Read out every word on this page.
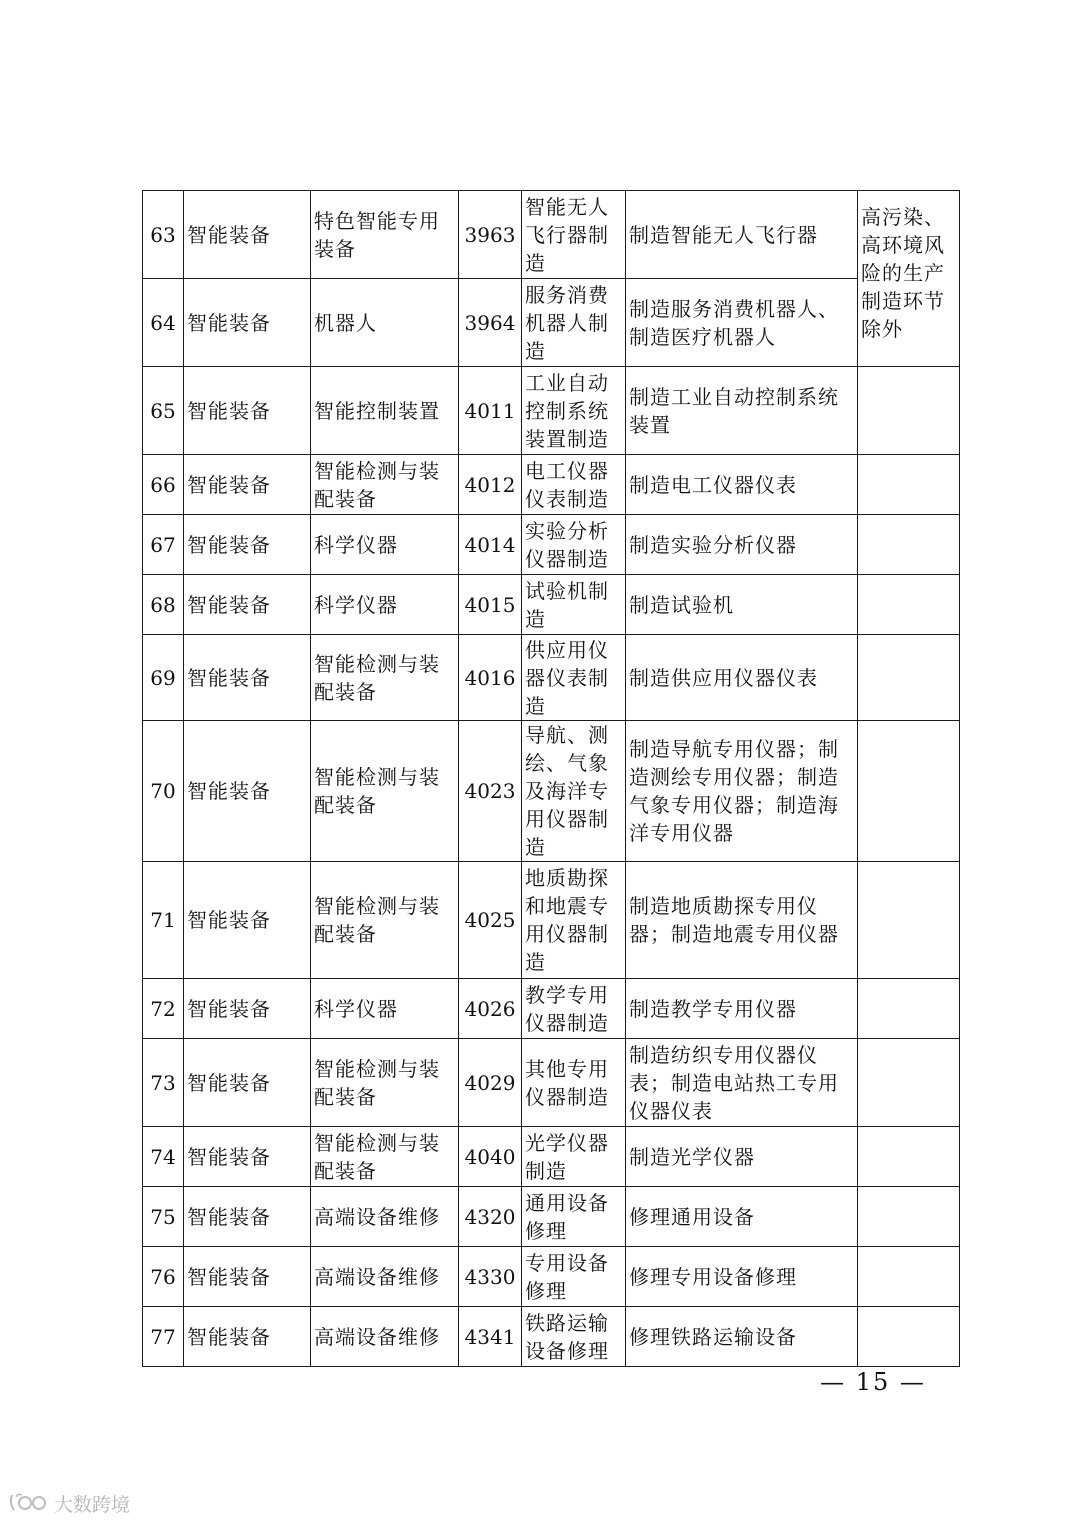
63	智能装备	特色智能专用装备	3963	智能无人飞行器制造	制造智能无人飞行器	高污染、高环境风险的生产制造环节除外
64	智能装备	机器人	3964	服务消费机器人制造	制造服务消费机器人、制造医疗机器人	
65	智能装备	智能控制装置	4011	工业自动控制系统装置制造	制造工业自动控制系统装置	
66	智能装备	智能检测与装配装备	4012	电工仪器仪表制造	制造电工仪器仪表	
67	智能装备	科学仪器	4014	实验分析仪器制造	制造实验分析仪器	
68	智能装备	科学仪器	4015	试验机制造	制造试验机	
69	智能装备	智能检测与装配装备	4016	供应用仪器仪表制造	制造供应用仪器仪表	
70	智能装备	智能检测与装配装备	4023	导航、测绘、气象及海洋专用仪器制造	制造导航专用仪器；制造测绘专用仪器；制造气象专用仪器；制造海洋专用仪器	
71	智能装备	智能检测与装配装备	4025	地质勘探和地震专用仪器制造	制造地质勘探专用仪器；制造地震专用仪器	
72	智能装备	科学仪器	4026	教学专用仪器制造	制造教学专用仪器	
73	智能装备	智能检测与装配装备	4029	其他专用仪器制造	制造纺织专用仪器仪表；制造电站热工专用仪器仪表	
74	智能装备	智能检测与装配装备	4040	光学仪器制造	制造光学仪器	
75	智能装备	高端设备维修	4320	通用设备修理	修理通用设备	
76	智能装备	高端设备维修	4330	专用设备修理	修理专用设备修理	
77	智能装备	高端设备维修	4341	铁路运输设备修理	修理铁路运输设备	
— 15 —
大数跨境
